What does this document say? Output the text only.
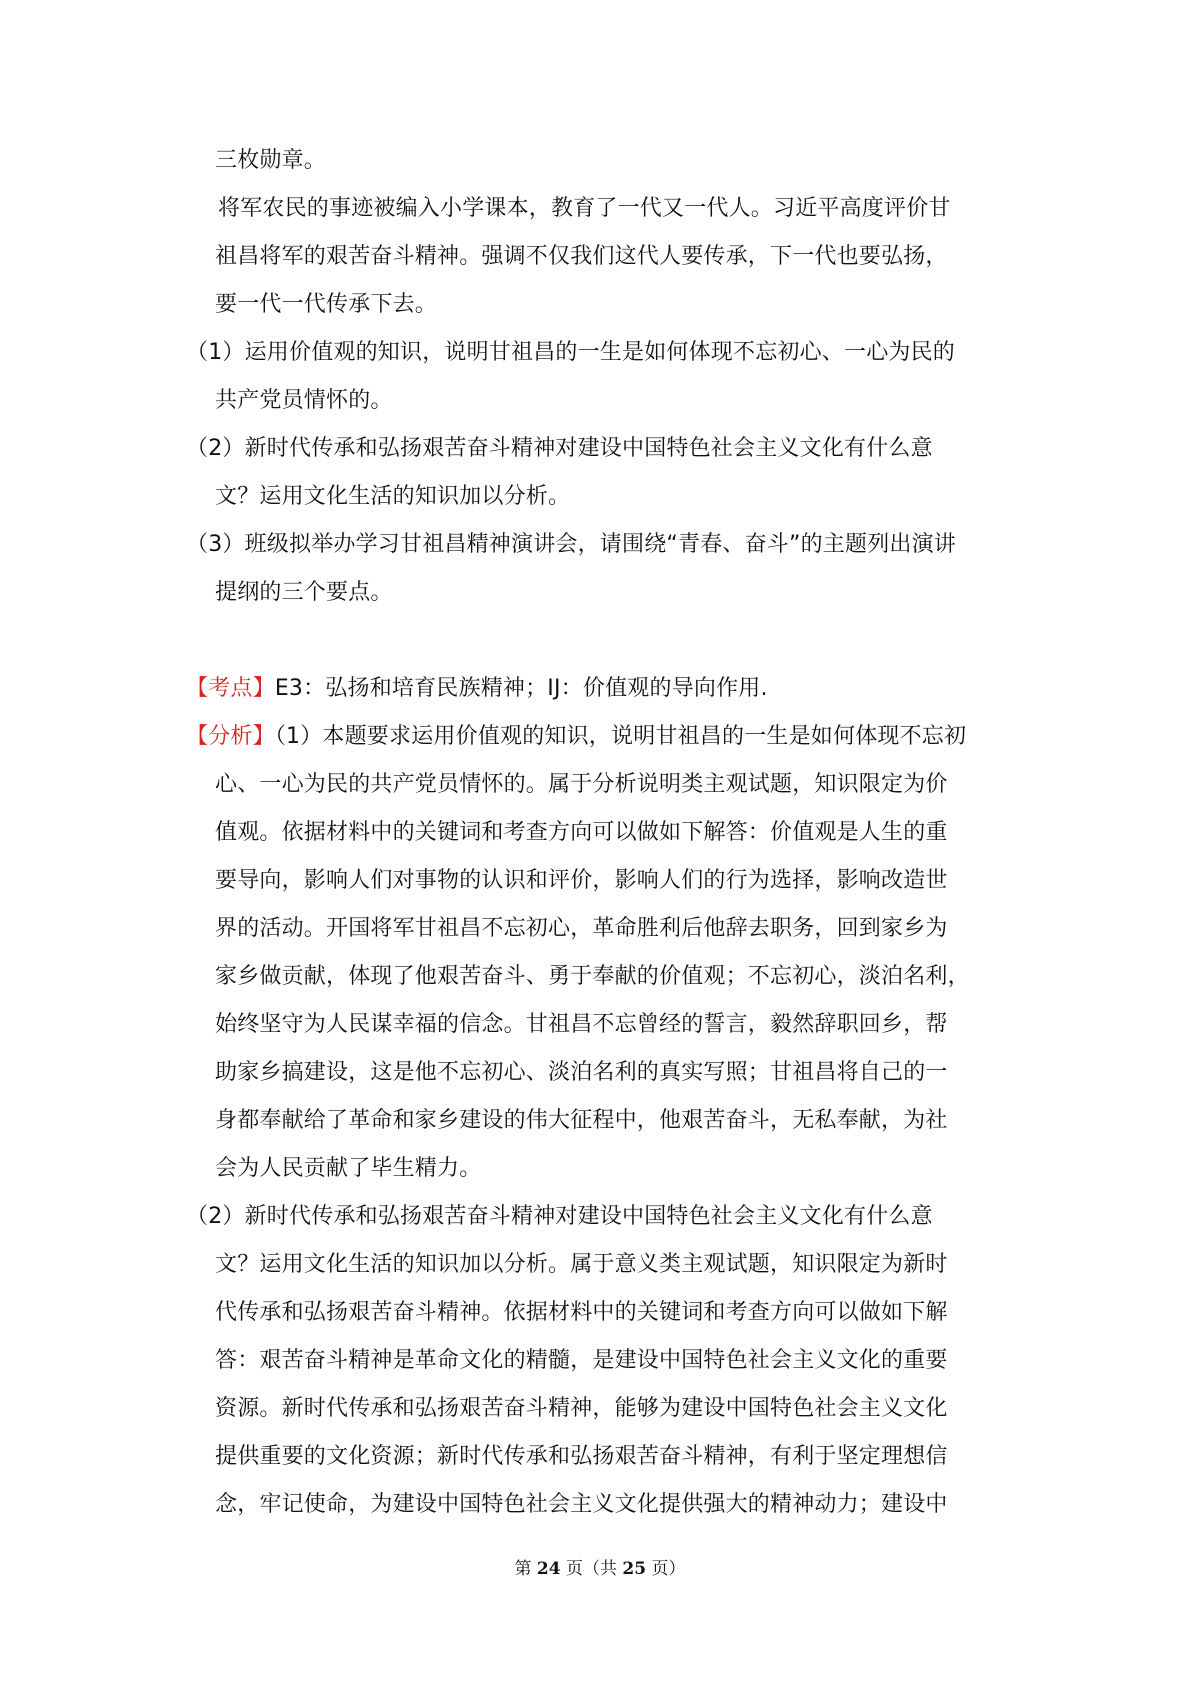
三枚勋章。
将军农民的事迹被编入小学课本，教育了一代又一代人。习近平高度评价甘
祖昌将军的艰苦奋斗精神。强调不仅我们这代人要传承，下一代也要弘扬，
要一代一代传承下去。
（1）运用价值观的知识，说明甘祖昌的一生是如何体现不忘初心、一心为民的
共产党员情怀的。
（2）新时代传承和弘扬艰苦奋斗精神对建设中国特色社会主义文化有什么意
文？运用文化生活的知识加以分析。
（3）班级拟举办学习甘祖昌精神演讲会，请围绕“青春、奋斗”的主题列出演讲
提纲的三个要点。
【考点】E3：弘扬和培育民族精神；IJ：价值观的导向作用.
【分析】（1）本题要求运用价值观的知识，说明甘祖昌的一生是如何体现不忘初
心、一心为民的共产党员情怀的。属于分析说明类主观试题，知识限定为价
值观。依据材料中的关键词和考查方向可以做如下解答：价值观是人生的重
要导向，影响人们对事物的认识和评价，影响人们的行为选择，影响改造世
界的活动。开国将军甘祖昌不忘初心，革命胜利后他辞去职务，回到家乡为
家乡做贡献，体现了他艰苦奋斗、勇于奉献的价值观；不忘初心，淡泊名利，
始终坚守为人民谋幸福的信念。甘祖昌不忘曾经的誓言，毅然辞职回乡，帮
助家乡搞建设，这是他不忘初心、淡泊名利的真实写照；甘祖昌将自己的一
身都奉献给了革命和家乡建设的伟大征程中，他艰苦奋斗，无私奉献，为社
会为人民贡献了毕生精力。
（2）新时代传承和弘扬艰苦奋斗精神对建设中国特色社会主义文化有什么意
文？运用文化生活的知识加以分析。属于意义类主观试题，知识限定为新时
代传承和弘扬艰苦奋斗精神。依据材料中的关键词和考查方向可以做如下解
答：艰苦奋斗精神是革命文化的精髓，是建设中国特色社会主义文化的重要
资源。新时代传承和弘扬艰苦奋斗精神，能够为建设中国特色社会主义文化
提供重要的文化资源；新时代传承和弘扬艰苦奋斗精神，有利于坚定理想信
念，牢记使命，为建设中国特色社会主义文化提供强大的精神动力；建设中
第 24 页（共 25 页）
